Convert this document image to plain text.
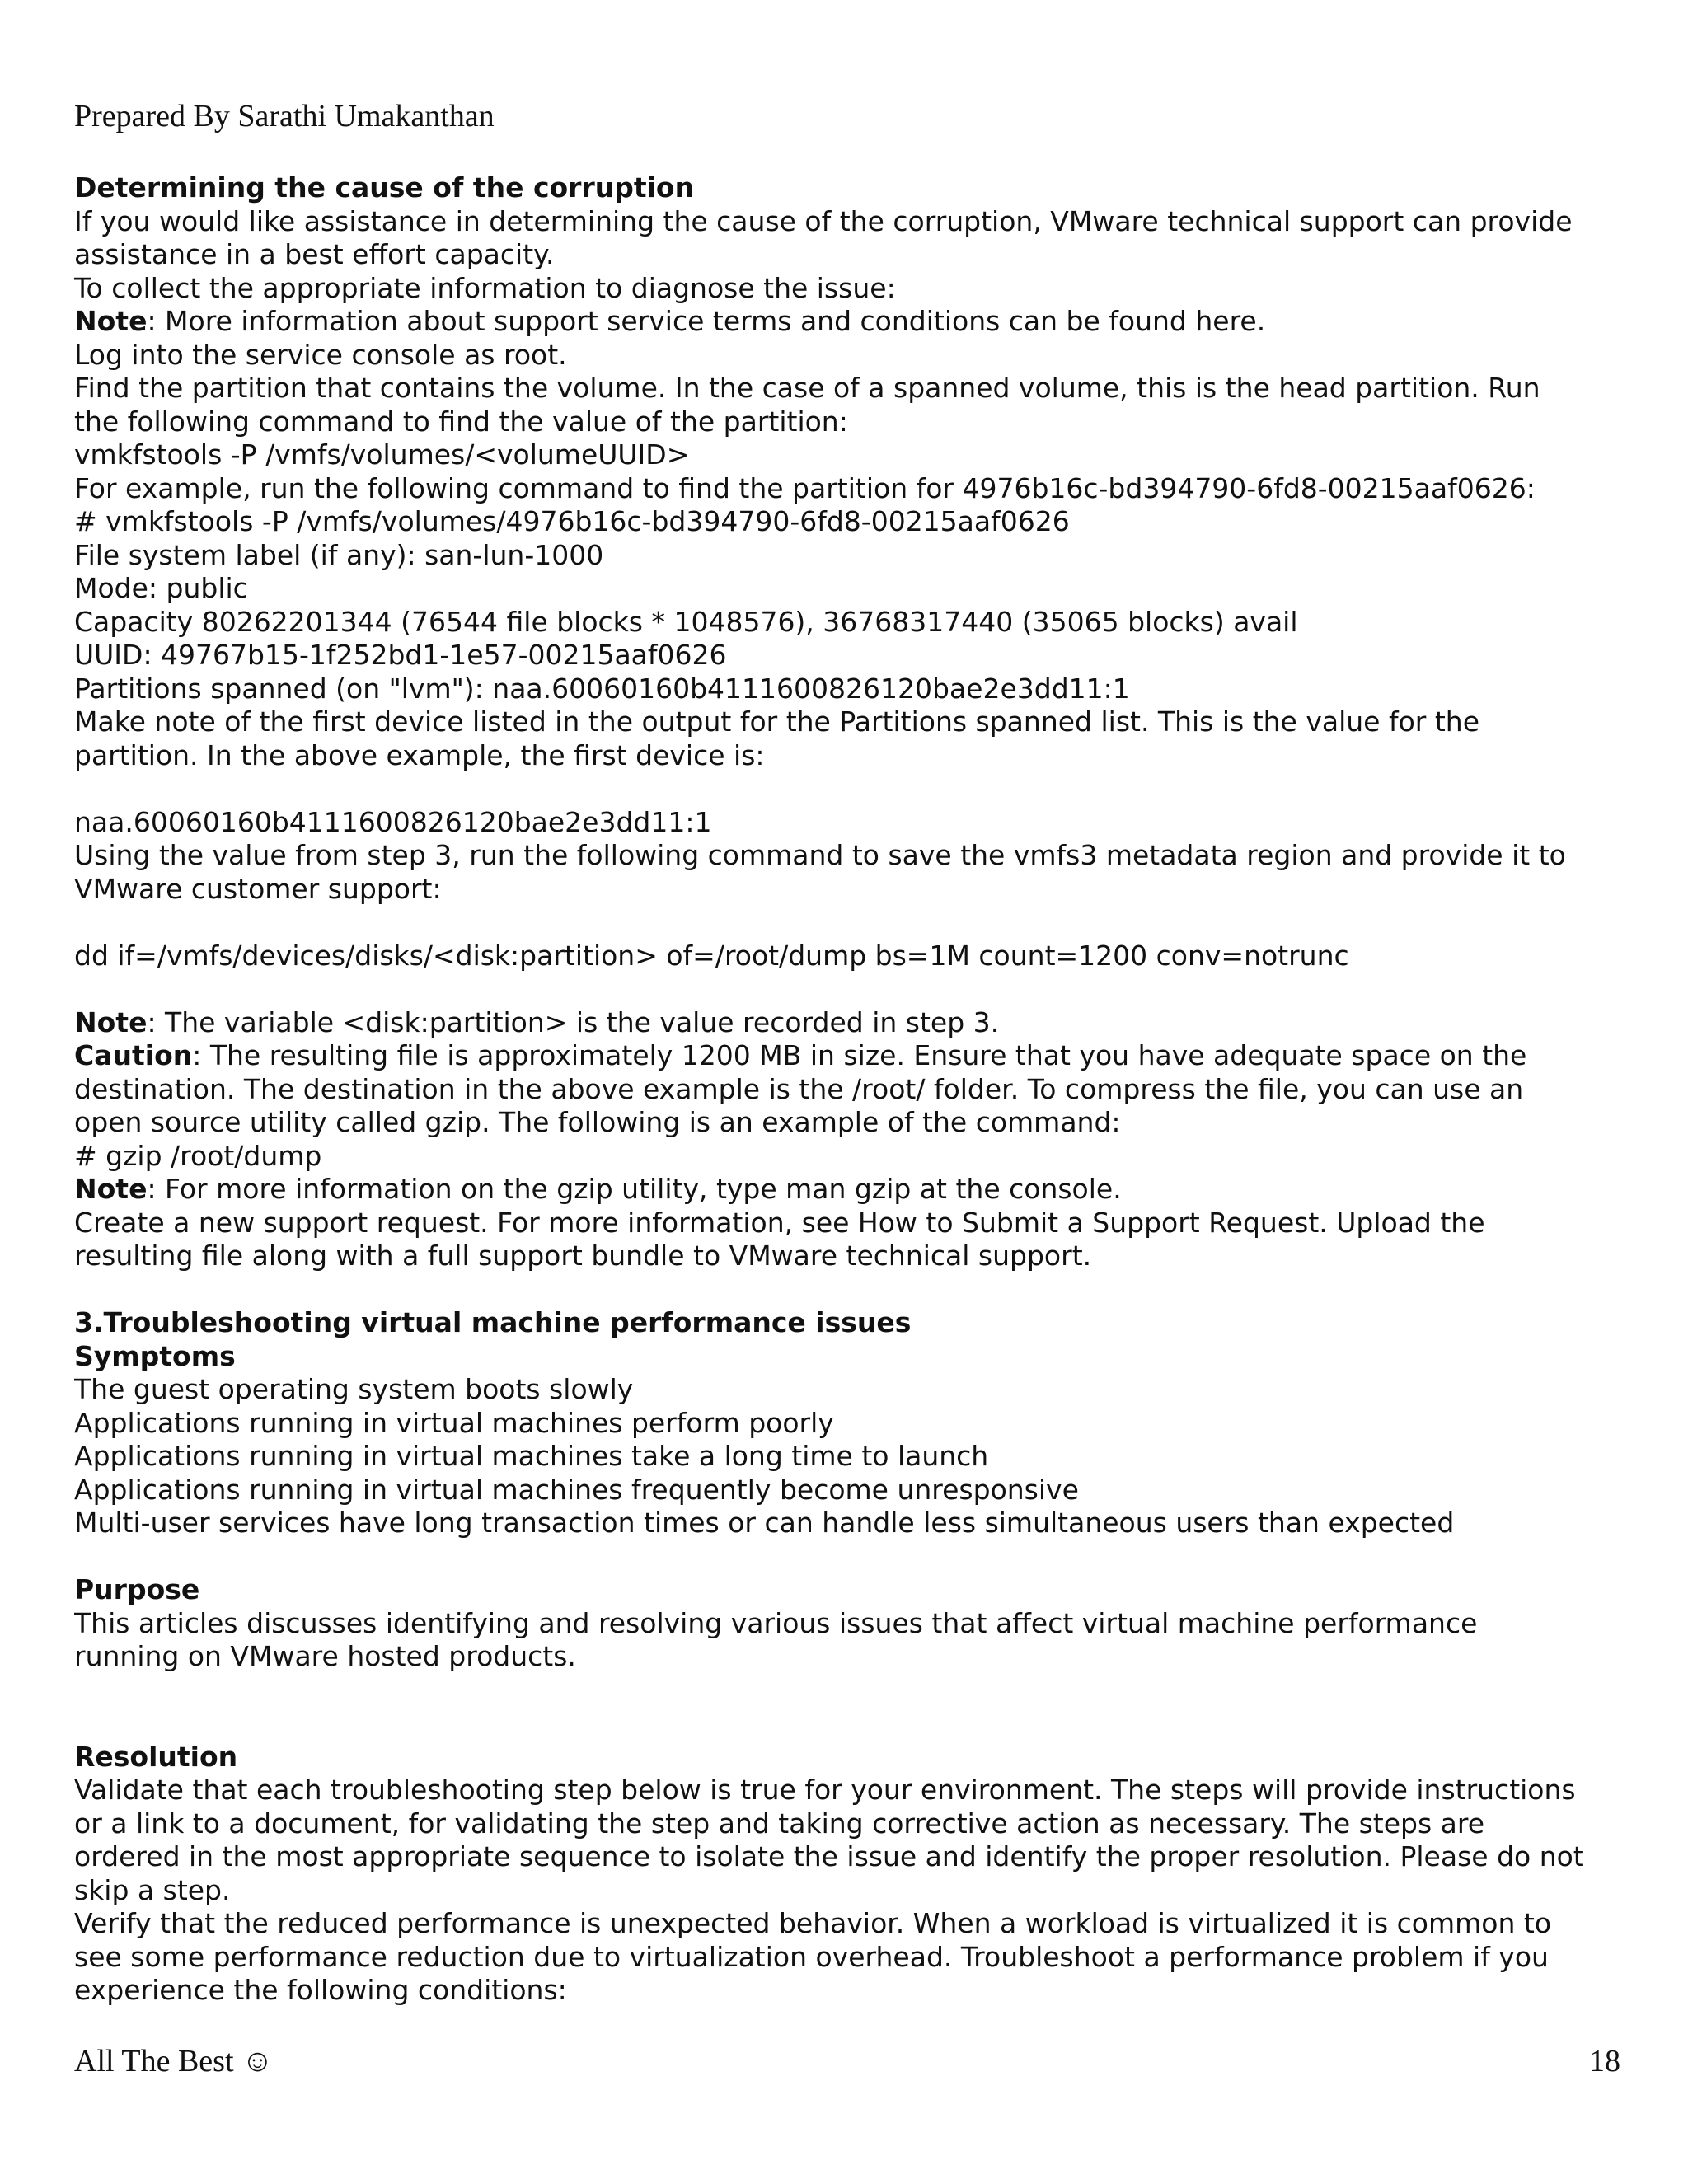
Prepared By Sarathi Umakanthan
Determining the cause of the corruption
If you would like assistance in determining the cause of the corruption, VMware technical support can provide
assistance in a best effort capacity.
To collect the appropriate information to diagnose the issue:
Note: More information about support service terms and conditions can be found here.
Log into the service console as root.
Find the partition that contains the volume. In the case of a spanned volume, this is the head partition. Run
the following command to find the value of the partition:
vmkfstools -P /vmfs/volumes/<volumeUUID>
For example, run the following command to find the partition for 4976b16c-bd394790-6fd8-00215aaf0626:
# vmkfstools -P /vmfs/volumes/4976b16c-bd394790-6fd8-00215aaf0626
File system label (if any): san-lun-1000
Mode: public
Capacity 80262201344 (76544 file blocks * 1048576), 36768317440 (35065 blocks) avail
UUID: 49767b15-1f252bd1-1e57-00215aaf0626
Partitions spanned (on "lvm"): naa.60060160b4111600826120bae2e3dd11:1
Make note of the first device listed in the output for the Partitions spanned list. This is the value for the
partition. In the above example, the first device is:
naa.60060160b4111600826120bae2e3dd11:1
Using the value from step 3, run the following command to save the vmfs3 metadata region and provide it to
VMware customer support:
dd if=/vmfs/devices/disks/<disk:partition> of=/root/dump bs=1M count=1200 conv=notrunc
Note: The variable <disk:partition> is the value recorded in step 3.
Caution: The resulting file is approximately 1200 MB in size. Ensure that you have adequate space on the
destination. The destination in the above example is the /root/ folder. To compress the file, you can use an
open source utility called gzip. The following is an example of the command:
# gzip /root/dump
Note: For more information on the gzip utility, type man gzip at the console.
Create a new support request. For more information, see How to Submit a Support Request. Upload the
resulting file along with a full support bundle to VMware technical support.
3.Troubleshooting virtual machine performance issues
Symptoms
The guest operating system boots slowly
Applications running in virtual machines perform poorly
Applications running in virtual machines take a long time to launch
Applications running in virtual machines frequently become unresponsive
Multi-user services have long transaction times or can handle less simultaneous users than expected
Purpose
This articles discusses identifying and resolving various issues that affect virtual machine performance
running on VMware hosted products.
Resolution
Validate that each troubleshooting step below is true for your environment. The steps will provide instructions
or a link to a document, for validating the step and taking corrective action as necessary. The steps are
ordered in the most appropriate sequence to isolate the issue and identify the proper resolution. Please do not
skip a step.
Verify that the reduced performance is unexpected behavior. When a workload is virtualized it is common to
see some performance reduction due to virtualization overhead. Troubleshoot a performance problem if you
experience the following conditions:
All The Best ☺	18
